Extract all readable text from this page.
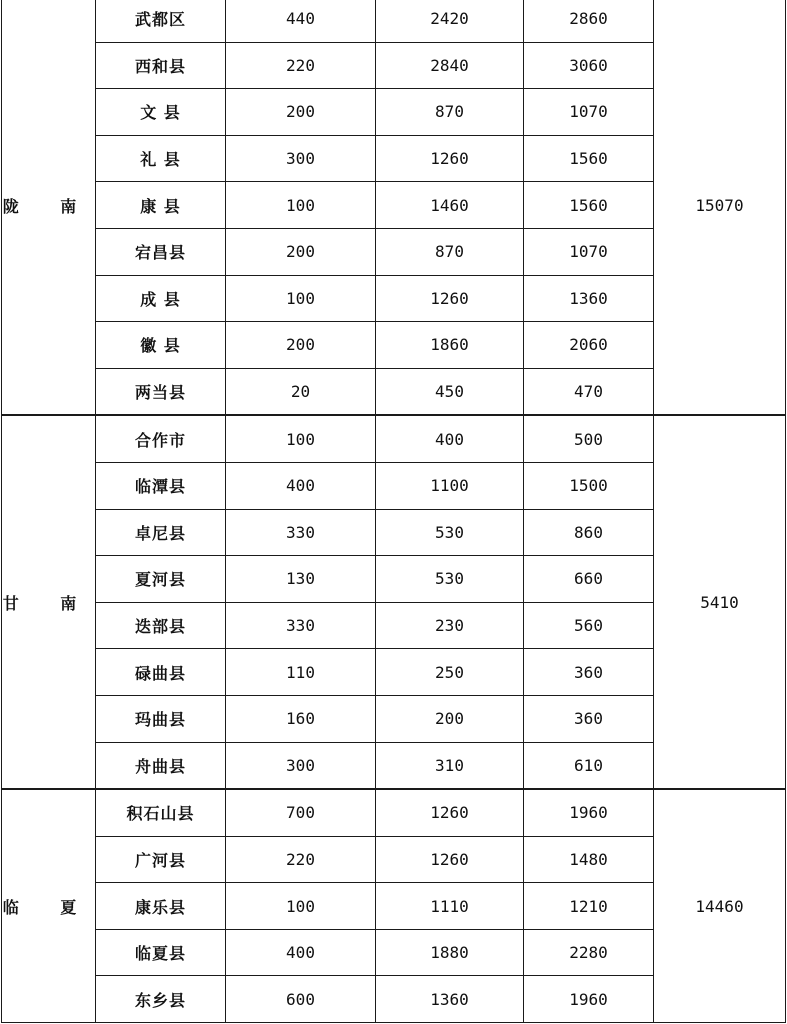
陇 南	武都区	440	2420	2860	15070
	西和县	220	2840	3060	
	文 县	200	870	1070	
	礼 县	300	1260	1560	
	康 县	100	1460	1560	
	宕昌县	200	870	1070	
	成 县	100	1260	1360	
	徽 县	200	1860	2060	
	两当县	20	450	470	
甘 南	合作市	100	400	500	5410
	临潭县	400	1100	1500	
	卓尼县	330	530	860	
	夏河县	130	530	660	
	迭部县	330	230	560	
	碌曲县	110	250	360	
	玛曲县	160	200	360	
	舟曲县	300	310	610	
临 夏	积石山县	700	1260	1960	14460
	广河县	220	1260	1480	
	康乐县	100	1110	1210	
	临夏县	400	1880	2280	
	东乡县	600	1360	1960	
